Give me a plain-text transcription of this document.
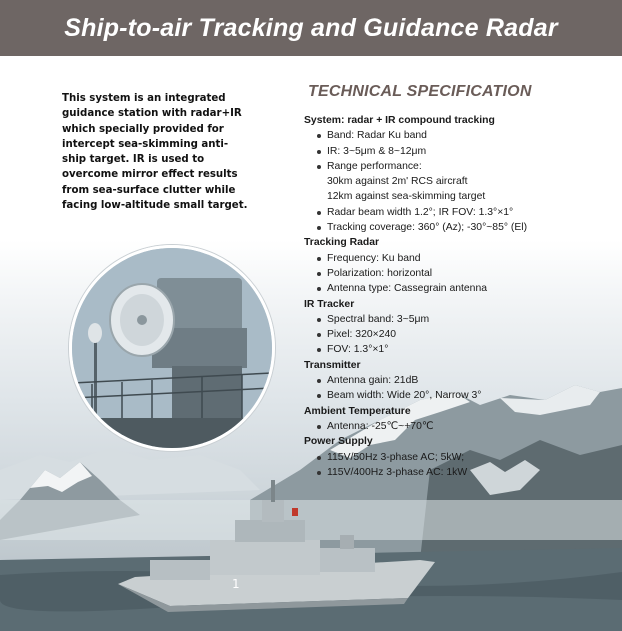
Ship-to-air Tracking and Guidance Radar
1
This system is an integrated
guidance station with radar+IR
which specially provided for
intercept sea-skimming anti-
ship target. IR is used to
overcome mirror effect results
from sea-surface clutter while
facing low-altitude small target.
TECHNICAL SPECIFICATION
System: radar + IR compound tracking
Band: Radar Ku band
IR: 3~5μm & 8~12μm
Range performance:
30km against 2m' RCS aircraft
12km against sea-skimming target
Radar beam width 1.2°; IR FOV: 1.3°×1°
Tracking coverage: 360° (Az); -30°~85° (El)
Tracking Radar
Frequency: Ku band
Polarization: horizontal
Antenna type: Cassegrain antenna
IR Tracker
Spectral band: 3~5μm
Pixel: 320×240
FOV: 1.3°×1°
Transmitter
Antenna gain: 21dB
Beam width: Wide 20°, Narrow 3°
Ambient Temperature
Antenna: -25℃~+70℃
Power Supply
115V/50Hz 3-phase AC; 5kW;
115V/400Hz 3-phase AC: 1kW
